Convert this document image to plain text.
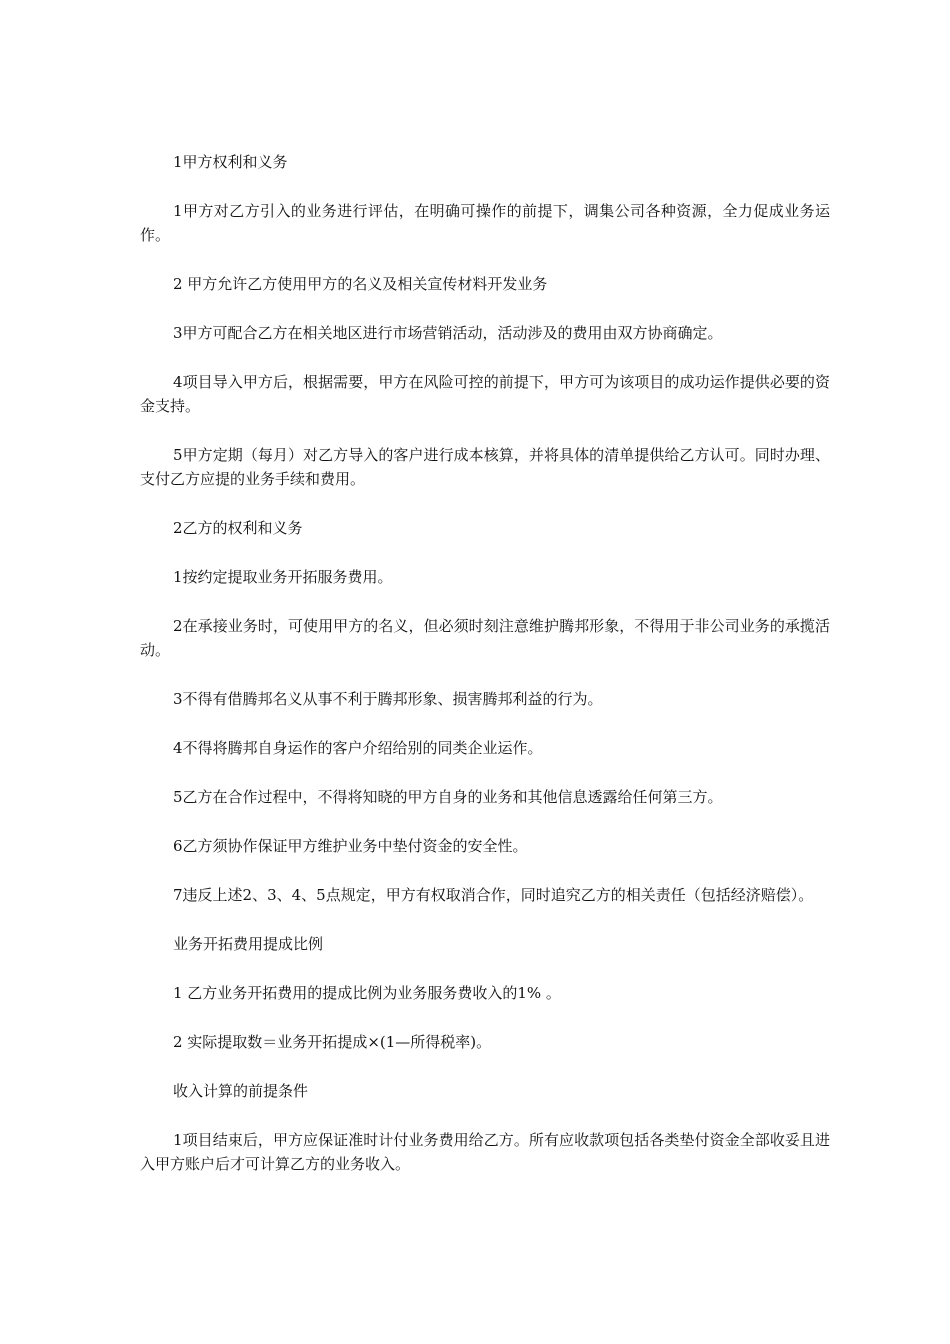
1甲方权利和义务

1甲方对乙方引入的业务进行评估，在明确可操作的前提下，调集公司各种资源，全力促成业务运作。

2 甲方允许乙方使用甲方的名义及相关宣传材料开发业务

3甲方可配合乙方在相关地区进行市场营销活动，活动涉及的费用由双方协商确定。

4项目导入甲方后，根据需要，甲方在风险可控的前提下，甲方可为该项目的成功运作提供必要的资金支持。

5甲方定期（每月）对乙方导入的客户进行成本核算，并将具体的清单提供给乙方认可。同时办理、支付乙方应提的业务手续和费用。

2乙方的权利和义务

1按约定提取业务开拓服务费用。

2在承接业务时，可使用甲方的名义，但必须时刻注意维护腾邦形象，不得用于非公司业务的承揽活动。

3不得有借腾邦名义从事不利于腾邦形象、损害腾邦利益的行为。

4不得将腾邦自身运作的客户介绍给别的同类企业运作。

5乙方在合作过程中，不得将知晓的甲方自身的业务和其他信息透露给任何第三方。

6乙方须协作保证甲方维护业务中垫付资金的安全性。

7违反上述2、3、4、5点规定，甲方有权取消合作，同时追究乙方的相关责任（包括经济赔偿）。

业务开拓费用提成比例

1 乙方业务开拓费用的提成比例为业务服务费收入的1% 。

2 实际提取数＝业务开拓提成×(1—所得税率)。

收入计算的前提条件

1项目结束后，甲方应保证准时计付业务费用给乙方。所有应收款项包括各类垫付资金全部收妥且进入甲方账户后才可计算乙方的业务收入。
